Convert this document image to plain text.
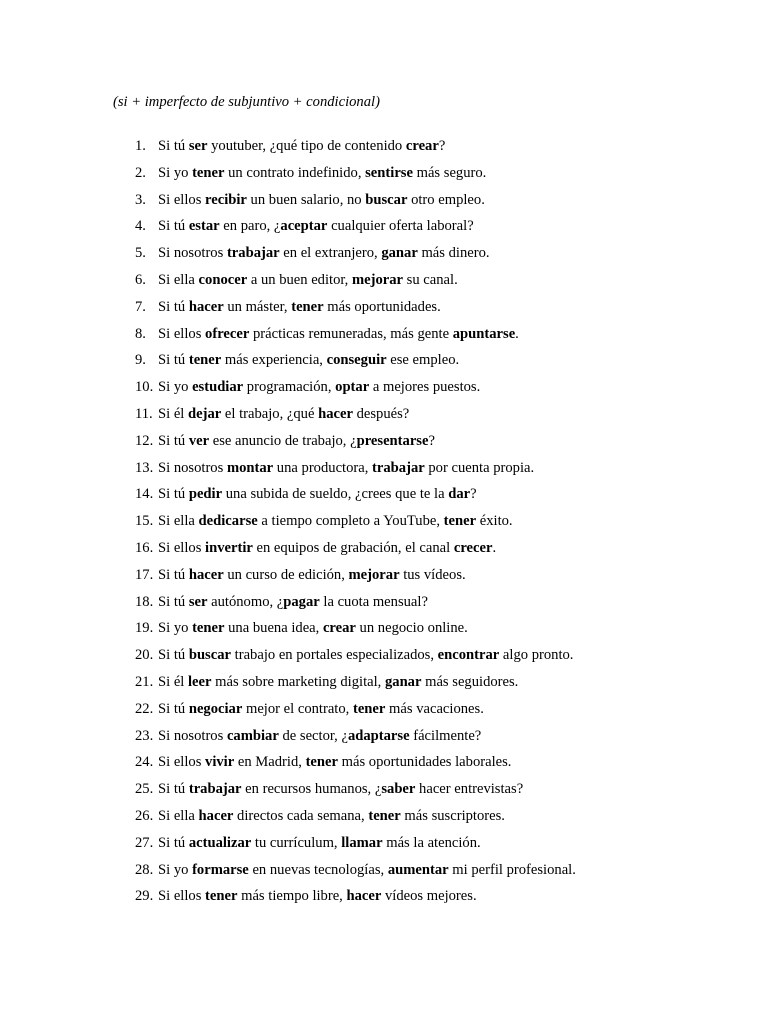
(si + imperfecto de subjuntivo + condicional)
1. Si tú ser youtuber, ¿qué tipo de contenido crear?
2. Si yo tener un contrato indefinido, sentirse más seguro.
3. Si ellos recibir un buen salario, no buscar otro empleo.
4. Si tú estar en paro, ¿aceptar cualquier oferta laboral?
5. Si nosotros trabajar en el extranjero, ganar más dinero.
6. Si ella conocer a un buen editor, mejorar su canal.
7. Si tú hacer un máster, tener más oportunidades.
8. Si ellos ofrecer prácticas remuneradas, más gente apuntarse.
9. Si tú tener más experiencia, conseguir ese empleo.
10. Si yo estudiar programación, optar a mejores puestos.
11. Si él dejar el trabajo, ¿qué hacer después?
12. Si tú ver ese anuncio de trabajo, ¿presentarse?
13. Si nosotros montar una productora, trabajar por cuenta propia.
14. Si tú pedir una subida de sueldo, ¿crees que te la dar?
15. Si ella dedicarse a tiempo completo a YouTube, tener éxito.
16. Si ellos invertir en equipos de grabación, el canal crecer.
17. Si tú hacer un curso de edición, mejorar tus vídeos.
18. Si tú ser autónomo, ¿pagar la cuota mensual?
19. Si yo tener una buena idea, crear un negocio online.
20. Si tú buscar trabajo en portales especializados, encontrar algo pronto.
21. Si él leer más sobre marketing digital, ganar más seguidores.
22. Si tú negociar mejor el contrato, tener más vacaciones.
23. Si nosotros cambiar de sector, ¿adaptarse fácilmente?
24. Si ellos vivir en Madrid, tener más oportunidades laborales.
25. Si tú trabajar en recursos humanos, ¿saber hacer entrevistas?
26. Si ella hacer directos cada semana, tener más suscriptores.
27. Si tú actualizar tu currículum, llamar más la atención.
28. Si yo formarse en nuevas tecnologías, aumentar mi perfil profesional.
29. Si ellos tener más tiempo libre, hacer vídeos mejores.
